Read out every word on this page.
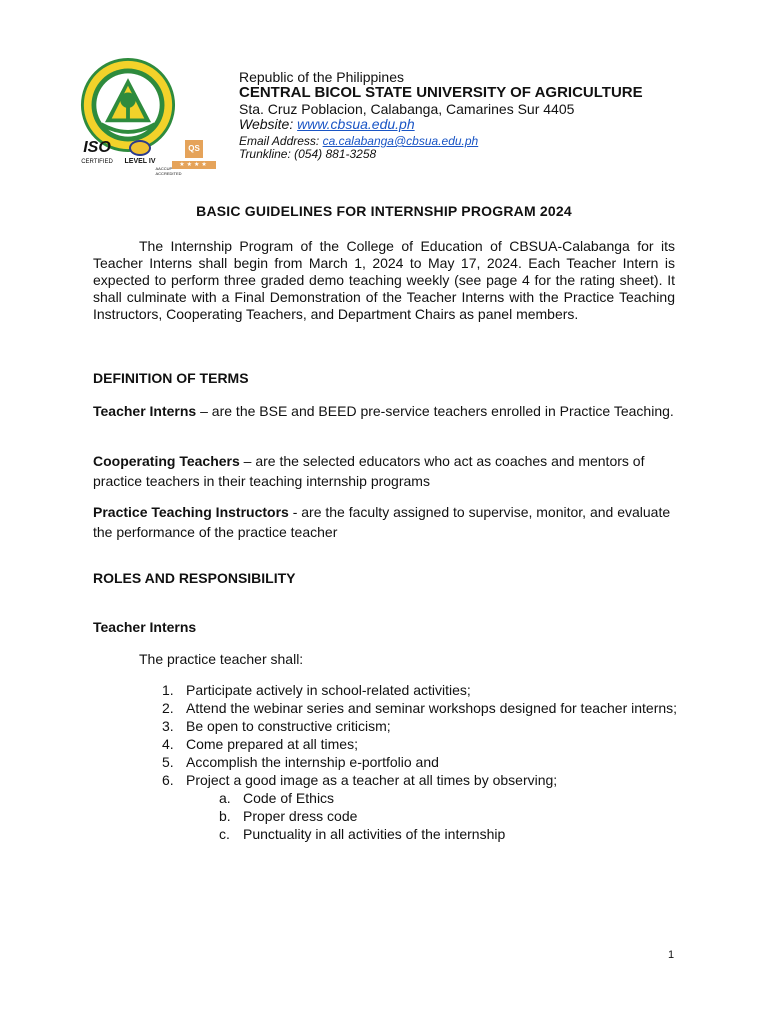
ISO
CERTIFIED LEVEL IV
AACCUP ACCREDITED
QS
★★★★
Republic of the Philippines
CENTRAL BICOL STATE UNIVERSITY OF AGRICULTURE
Sta. Cruz Poblacion, Calabanga, Camarines Sur 4405
Website: www.cbsua.edu.ph
Email Address: ca.calabanga@cbsua.edu.ph
Trunkline: (054) 881-3258
BASIC GUIDELINES FOR INTERNSHIP PROGRAM 2024
The Internship Program of the College of Education of CBSUA-Calabanga for its Teacher Interns shall begin from March 1, 2024 to May 17, 2024. Each Teacher Intern is expected to perform three graded demo teaching weekly (see page 4 for the rating sheet). It shall culminate with a Final Demonstration of the Teacher Interns with the Practice Teaching Instructors, Cooperating Teachers, and Department Chairs as panel members.
DEFINITION OF TERMS
Teacher Interns – are the BSE and BEED pre-service teachers enrolled in Practice Teaching.
Cooperating Teachers – are the selected educators who act as coaches and mentors of practice teachers in their teaching internship programs
Practice Teaching Instructors - are the faculty assigned to supervise, monitor, and evaluate the performance of the practice teacher
ROLES AND RESPONSIBILITY
Teacher Interns
The practice teacher shall:
1. Participate actively in school-related activities;
2. Attend the webinar series and seminar workshops designed for teacher interns;
3. Be open to constructive criticism;
4. Come prepared at all times;
5. Accomplish the internship e-portfolio and
6. Project a good image as a teacher at all times by observing;
a. Code of Ethics
b. Proper dress code
c. Punctuality in all activities of the internship
1
